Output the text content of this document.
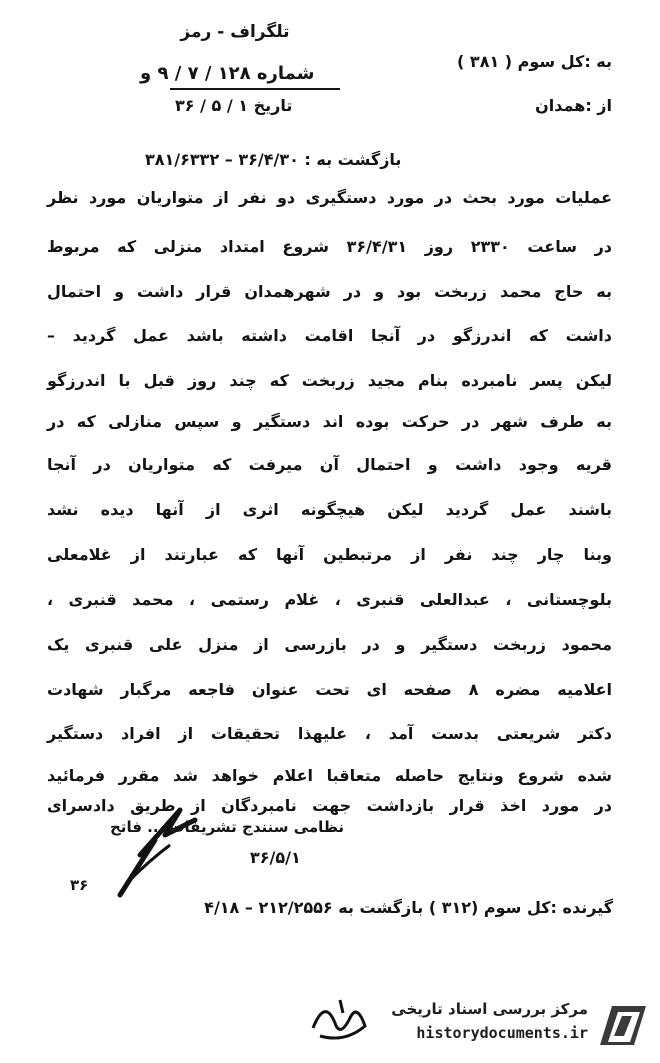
تلگراف - رمز
به :کل سوم ( ۳۸۱ )
شماره ۱۲۸ / ۷ / ۹ و
از :همدان
تاریخ ۱ / ۵ / ۳۶
بازگشت به : ۳۶/۴/۳۰ – ۳۸۱/۶۳۳۲
عملیات مورد بحث در مورد دستگیری دو نفر از متواریان مورد نظر
در ساعت ۲۳۳۰ روز ۳۶/۴/۳۱ شروع امتداد منزلی که مربوط
به حاج محمد زربخت بود و در شهرهمدان قرار داشت و احتمال
داشت که اندرزگو در آنجا اقامت داشته باشد عمل گردید –
لیکن پسر نامبرده بنام مجید زربخت که چند روز قبل با اندرزگو
به طرف شهر در حرکت بوده اند دستگیر و سپس منازلی که در
قریه وجود داشت و احتمال آن میرفت که متواریان در آنجا
باشند عمل گردید لیکن هیچگونه اثری از آنها دیده نشد
وبنا چار چند نفر از مرتبطین آنها که عبارتند از غلامعلی
بلوچستانی ، عبدالعلی قنبری ، غلام رستمی ، محمد قنبری ،
محمود زربخت دستگیر و در بازرسی از منزل علی قنبری یک
اعلامیه مضره ۸ صفحه ای تحت عنوان فاجعه مرگبار شهادت
دکتر شریعتی بدست آمد ، علیهذا تحقیقات از افراد دستگیر
شده شروع ونتایج حاصله متعاقبا اعلام خواهد شد مقرر فرمائید
در مورد اخذ قرار بازداشت جهت نامبردگان از طریق دادسرای
نظامی سنندج تشریفات ... فاتح
۳۶/۵/۱
۳۶
گیرنده :کل سوم (۳۱۲ ) بازگشت به ۲۱۲/۲۵۵۶ – ۴/۱۸
مرکز بررسی اسناد تاریخی
historydocuments.ir
